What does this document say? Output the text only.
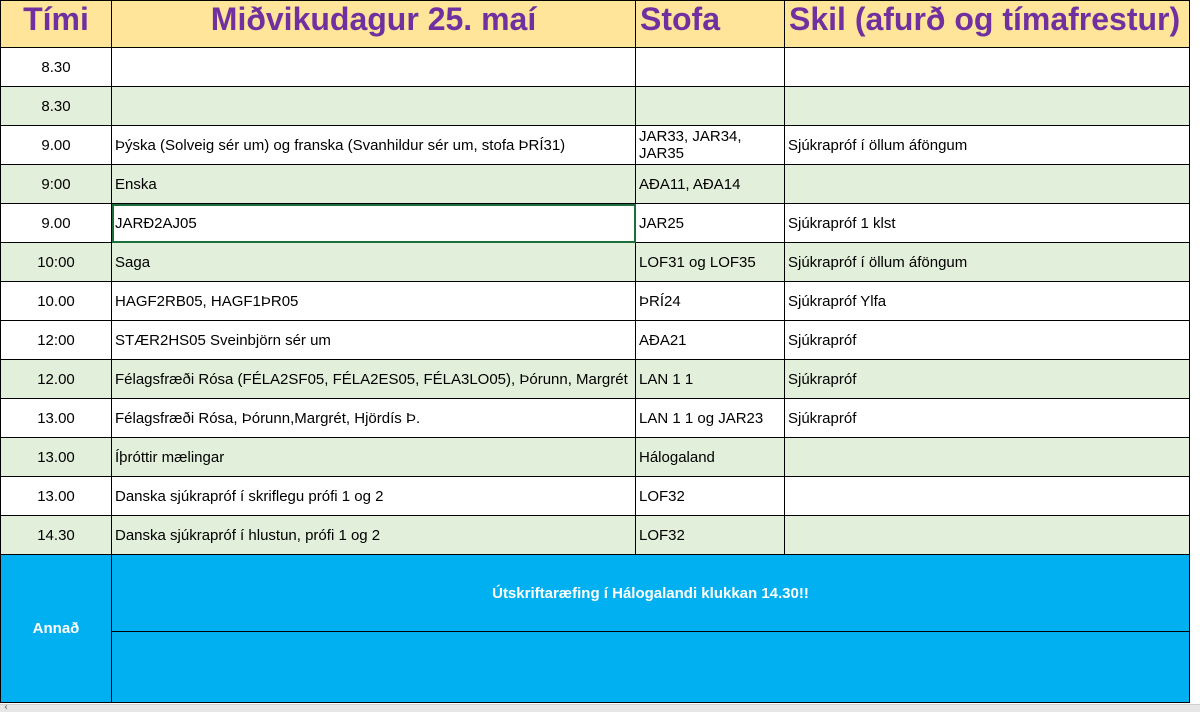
Tími	Miðvikudagur 25. maí	Stofa	Skil (afurð og tímafrestur)
8.30			
8.30			
9.00	Þýska (Solveig sér um) og franska (Svanhildur sér um, stofa ÞRÍ31)	JAR33, JAR34, JAR35	Sjúkrapróf í öllum áföngum
9:00	Enska	AÐA11, AÐA14	
9.00	JARÐ2AJ05	JAR25	Sjúkrapróf 1 klst
10:00	Saga	LOF31 og LOF35	Sjúkrapróf í öllum áföngum
10.00	HAGF2RB05, HAGF1ÞR05	ÞRÍ24	Sjúkrapróf Ylfa
12:00	STÆR2HS05 Sveinbjörn sér um	AÐA21	Sjúkrapróf
12.00	Félagsfræði Rósa (FÉLA2SF05, FÉLA2ES05, FÉLA3LO05), Þórunn, Margrét	LAN 1 1	Sjúkrapróf
13.00	Félagsfræði Rósa, Þórunn,Margrét, Hjördís Þ.	LAN 1 1 og JAR23	Sjúkrapróf
13.00	Íþróttir mælingar	Hálogaland	
13.00	Danska sjúkrapróf í skriflegu prófi 1 og 2	LOF32	
14.30	Danska sjúkrapróf í hlustun, prófi 1 og 2	LOF32	
Annað	Útskriftaræfing í Hálogalandi klukkan 14.30!!		

‹
